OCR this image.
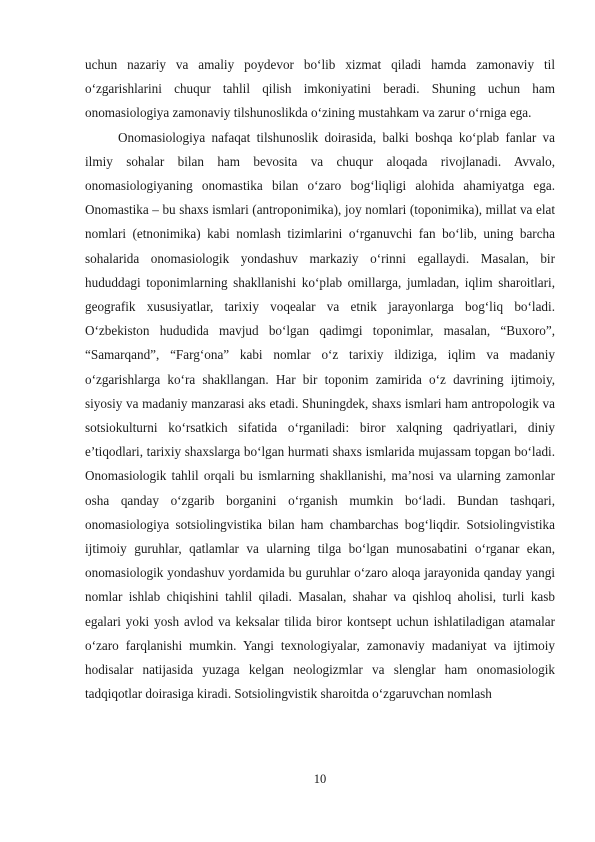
uchun nazariy va amaliy poydevor bo‘lib xizmat qiladi hamda zamonaviy til o‘zgarishlarini chuqur tahlil qilish imkoniyatini beradi. Shuning uchun ham onomasiologiya zamonaviy tilshunoslikda o‘zining mustahkam va zarur o‘rniga ega.

Onomasiologiya nafaqat tilshunoslik doirasida, balki boshqa ko‘plab fanlar va ilmiy sohalar bilan ham bevosita va chuqur aloqada rivojlanadi. Avvalo, onomasiologiyaning onomastika bilan o‘zaro bog‘liqligi alohida ahamiyatga ega. Onomastika – bu shaxs ismlari (antroponimika), joy nomlari (toponimika), millat va elat nomlari (etnonimika) kabi nomlash tizimlarini o‘rganuvchi fan bo‘lib, uning barcha sohalarida onomasiologik yondashuv markaziy o‘rinni egallaydi. Masalan, bir hududdagi toponimlarning shakllanishi ko‘plab omillarga, jumladan, iqlim sharoitlari, geografik xususiyatlar, tarixiy voqealar va etnik jarayonlarga bog‘liq bo‘ladi. O‘zbekiston hududida mavjud bo‘lgan qadimgi toponimlar, masalan, “Buxoro”, “Samarqand”, “Farg‘ona” kabi nomlar o‘z tarixiy ildiziga, iqlim va madaniy o‘zgarishlarga ko‘ra shakllangan. Har bir toponim zamirida o‘z davrining ijtimoiy, siyosiy va madaniy manzarasi aks etadi. Shuningdek, shaxs ismlari ham antropologik va sotsiokulturni ko‘rsatkich sifatida o‘rganiladi: biror xalqning qadriyatlari, diniy e’tiqodlari, tarixiy shaxslarga bo‘lgan hurmati shaxs ismlarida mujassam topgan bo‘ladi. Onomasiologik tahlil orqali bu ismlarning shakllanishi, ma’nosi va ularning zamonlar osha qanday o‘zgarib borganini o‘rganish mumkin bo‘ladi. Bundan tashqari, onomasiologiya sotsiolingvistika bilan ham chambarchas bog‘liqdir. Sotsiolingvistika ijtimoiy guruhlar, qatlamlar va ularning tilga bo‘lgan munosabatini o‘rganar ekan, onomasiologik yondashuv yordamida bu guruhlar o‘zaro aloqa jarayonida qanday yangi nomlar ishlab chiqishini tahlil qiladi. Masalan, shahar va qishloq aholisi, turli kasb egalari yoki yosh avlod va keksalar tilida biror kontsept uchun ishlatiladigan atamalar o‘zaro farqlanishi mumkin. Yangi texnologiyalar, zamonaviy madaniyat va ijtimoiy hodisalar natijasida yuzaga kelgan neologizmlar va slenglar ham onomasiologik tadqiqotlar doirasiga kiradi. Sotsiolingvistik sharoitda o‘zgaruvchan nomlash

10
